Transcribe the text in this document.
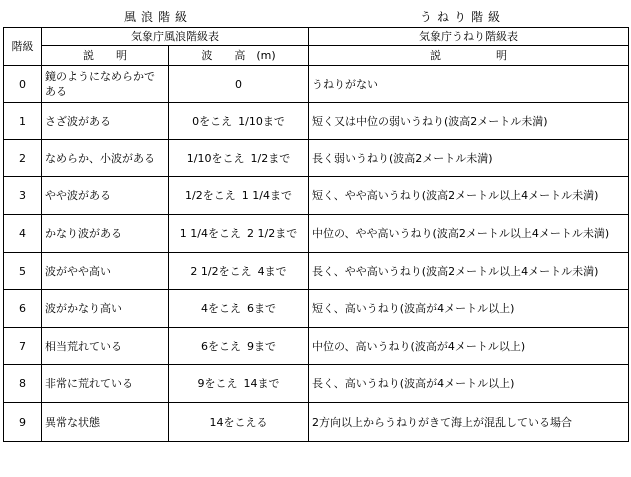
風浪階級	うねり階級
階級	気象庁風浪階級表		気象庁うねり階級表
	説　　明	波　　高　(m)	説　　　　　明
0	鏡のようになめらかである	0	うねりがない
1	さざ波がある	0をこえ 1/10まで	短く又は中位の弱いうねり(波高2メートル未満)
2	なめらか、小波がある	1/10をこえ 1/2まで	長く弱いうねり(波高2メートル未満)
3	やや波がある	1/2をこえ 1 1/4まで	短く、やや高いうねり(波高2メートル以上4メートル未満)
4	かなり波がある	1 1/4をこえ 2 1/2まで	中位の、やや高いうねり(波高2メートル以上4メートル未満)
5	波がやや高い	2 1/2をこえ 4まで	長く、やや高いうねり(波高2メートル以上4メートル未満)
6	波がかなり高い	4をこえ 6まで	短く、高いうねり(波高が4メートル以上)
7	相当荒れている	6をこえ 9まで	中位の、高いうねり(波高が4メートル以上)
8	非常に荒れている	9をこえ 14まで	長く、高いうねり(波高が4メートル以上)
9	異常な状態	14をこえる	2方向以上からうねりがきて海上が混乱している場合
